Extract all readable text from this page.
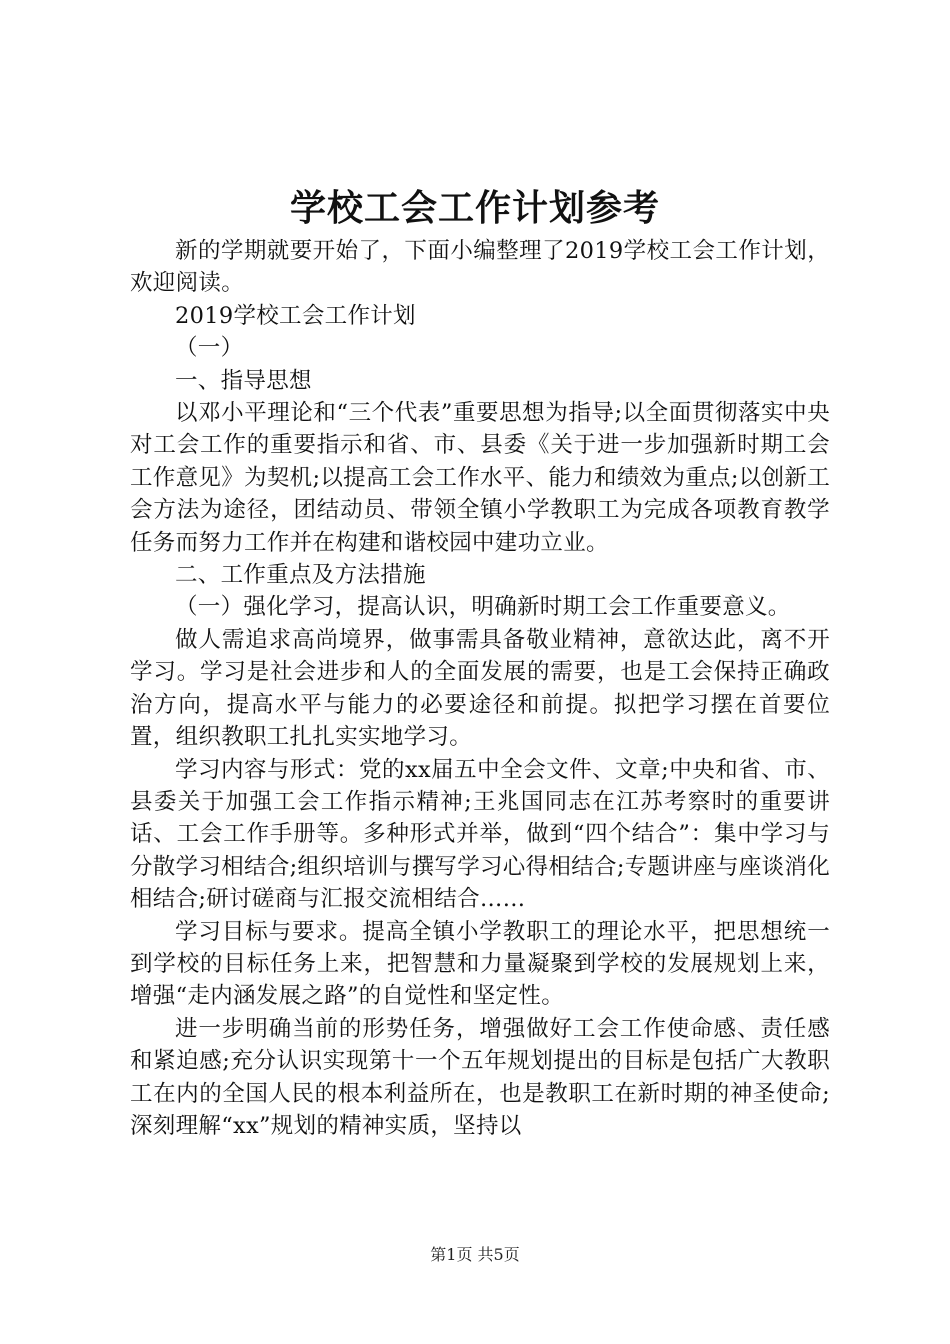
学校工会工作计划参考

新的学期就要开始了，下面小编整理了2019学校工会工作计划，欢迎阅读。

2019学校工会工作计划

（一）

一、指导思想

以邓小平理论和“三个代表”重要思想为指导;以全面贯彻落实中央对工会工作的重要指示和省、市、县委《关于进一步加强新时期工会工作意见》为契机;以提高工会工作水平、能力和绩效为重点;以创新工会方法为途径，团结动员、带领全镇小学教职工为完成各项教育教学任务而努力工作并在构建和谐校园中建功立业。

二、工作重点及方法措施

（一）强化学习，提高认识，明确新时期工会工作重要意义。

做人需追求高尚境界，做事需具备敬业精神，意欲达此，离不开学习。学习是社会进步和人的全面发展的需要，也是工会保持正确政治方向，提高水平与能力的必要途径和前提。拟把学习摆在首要位置，组织教职工扎扎实实地学习。

学习内容与形式：党的xx届五中全会文件、文章;中央和省、市、县委关于加强工会工作指示精神;王兆国同志在江苏考察时的重要讲话、工会工作手册等。多种形式并举，做到“四个结合”：集中学习与分散学习相结合;组织培训与撰写学习心得相结合;专题讲座与座谈消化相结合;研讨磋商与汇报交流相结合……

学习目标与要求。提高全镇小学教职工的理论水平，把思想统一到学校的目标任务上来，把智慧和力量凝聚到学校的发展规划上来，增强“走内涵发展之路”的自觉性和坚定性。

进一步明确当前的形势任务，增强做好工会工作使命感、责任感和紧迫感;充分认识实现第十一个五年规划提出的目标是包括广大教职工在内的全国人民的根本利益所在，也是教职工在新时期的神圣使命;深刻理解“xx”规划的精神实质，坚持以

第1页 共5页
